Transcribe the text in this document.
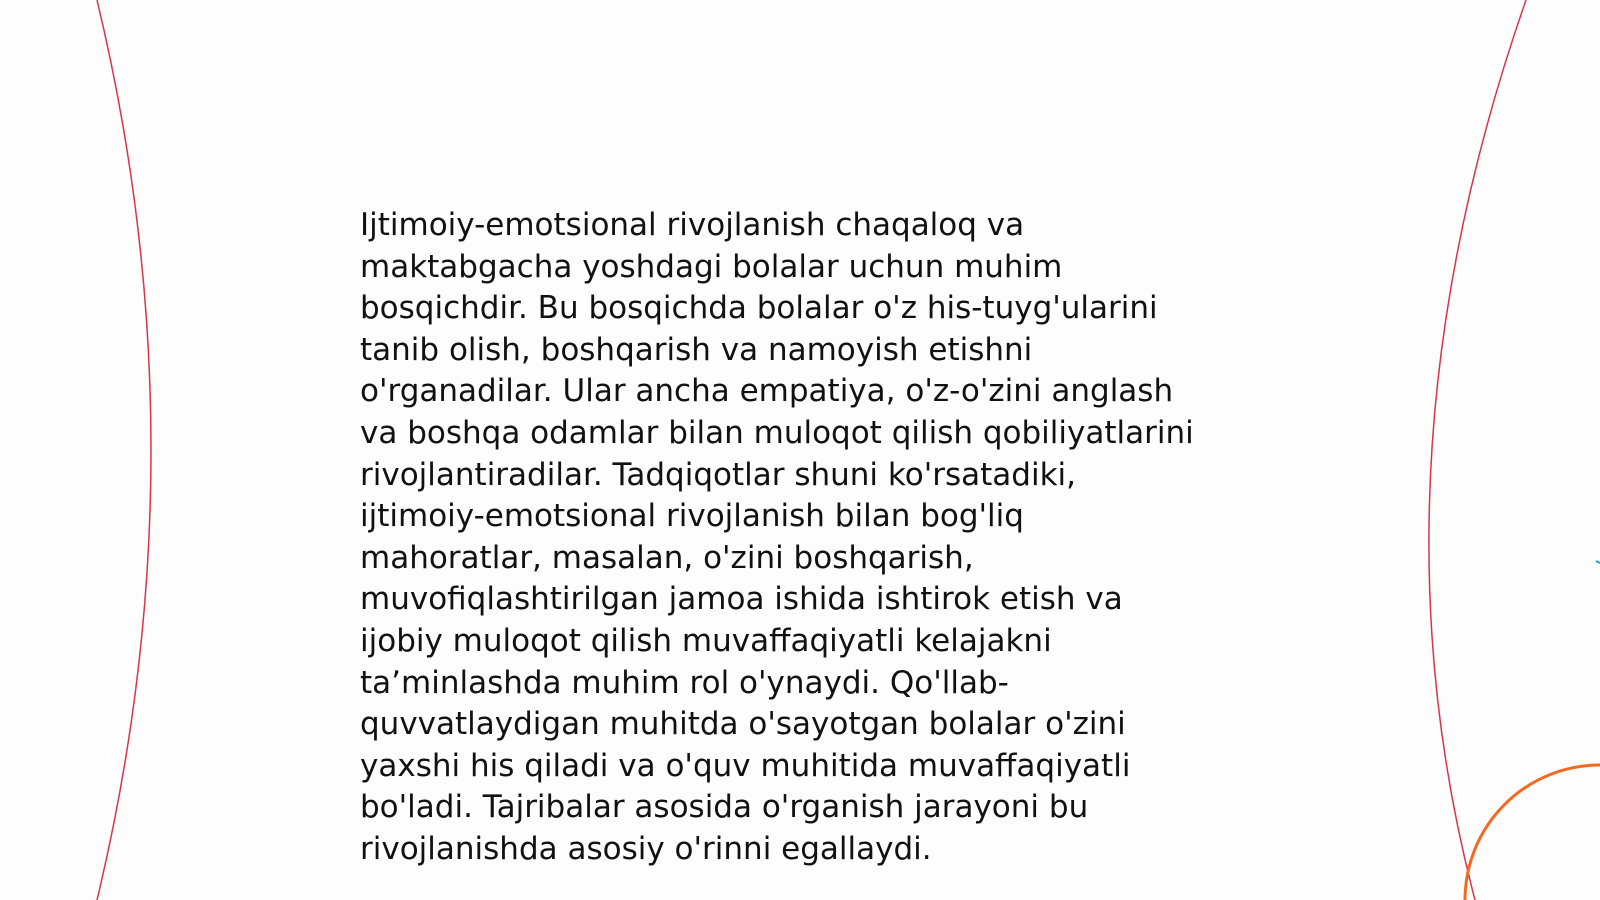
Ijtimoiy-emotsional rivojlanish chaqaloq va
maktabgacha yoshdagi bolalar uchun muhim
bosqichdir. Bu bosqichda bolalar o'z his-tuyg'ularini
tanib olish, boshqarish va namoyish etishni
o'rganadilar. Ular ancha empatiya, o'z-o'zini anglash
va boshqa odamlar bilan muloqot qilish qobiliyatlarini
rivojlantiradilar. Tadqiqotlar shuni ko'rsatadiki,
ijtimoiy-emotsional rivojlanish bilan bog'liq
mahoratlar, masalan, o'zini boshqarish,
muvofiqlashtirilgan jamoa ishida ishtirok etish va
ijobiy muloqot qilish muvaffaqiyatli kelajakni
ta’minlashda muhim rol o'ynaydi. Qo'llab-
quvvatlaydigan muhitda o'sayotgan bolalar o'zini
yaxshi his qiladi va o'quv muhitida muvaffaqiyatli
bo'ladi. Tajribalar asosida o'rganish jarayoni bu
rivojlanishda asosiy o'rinni egallaydi.
